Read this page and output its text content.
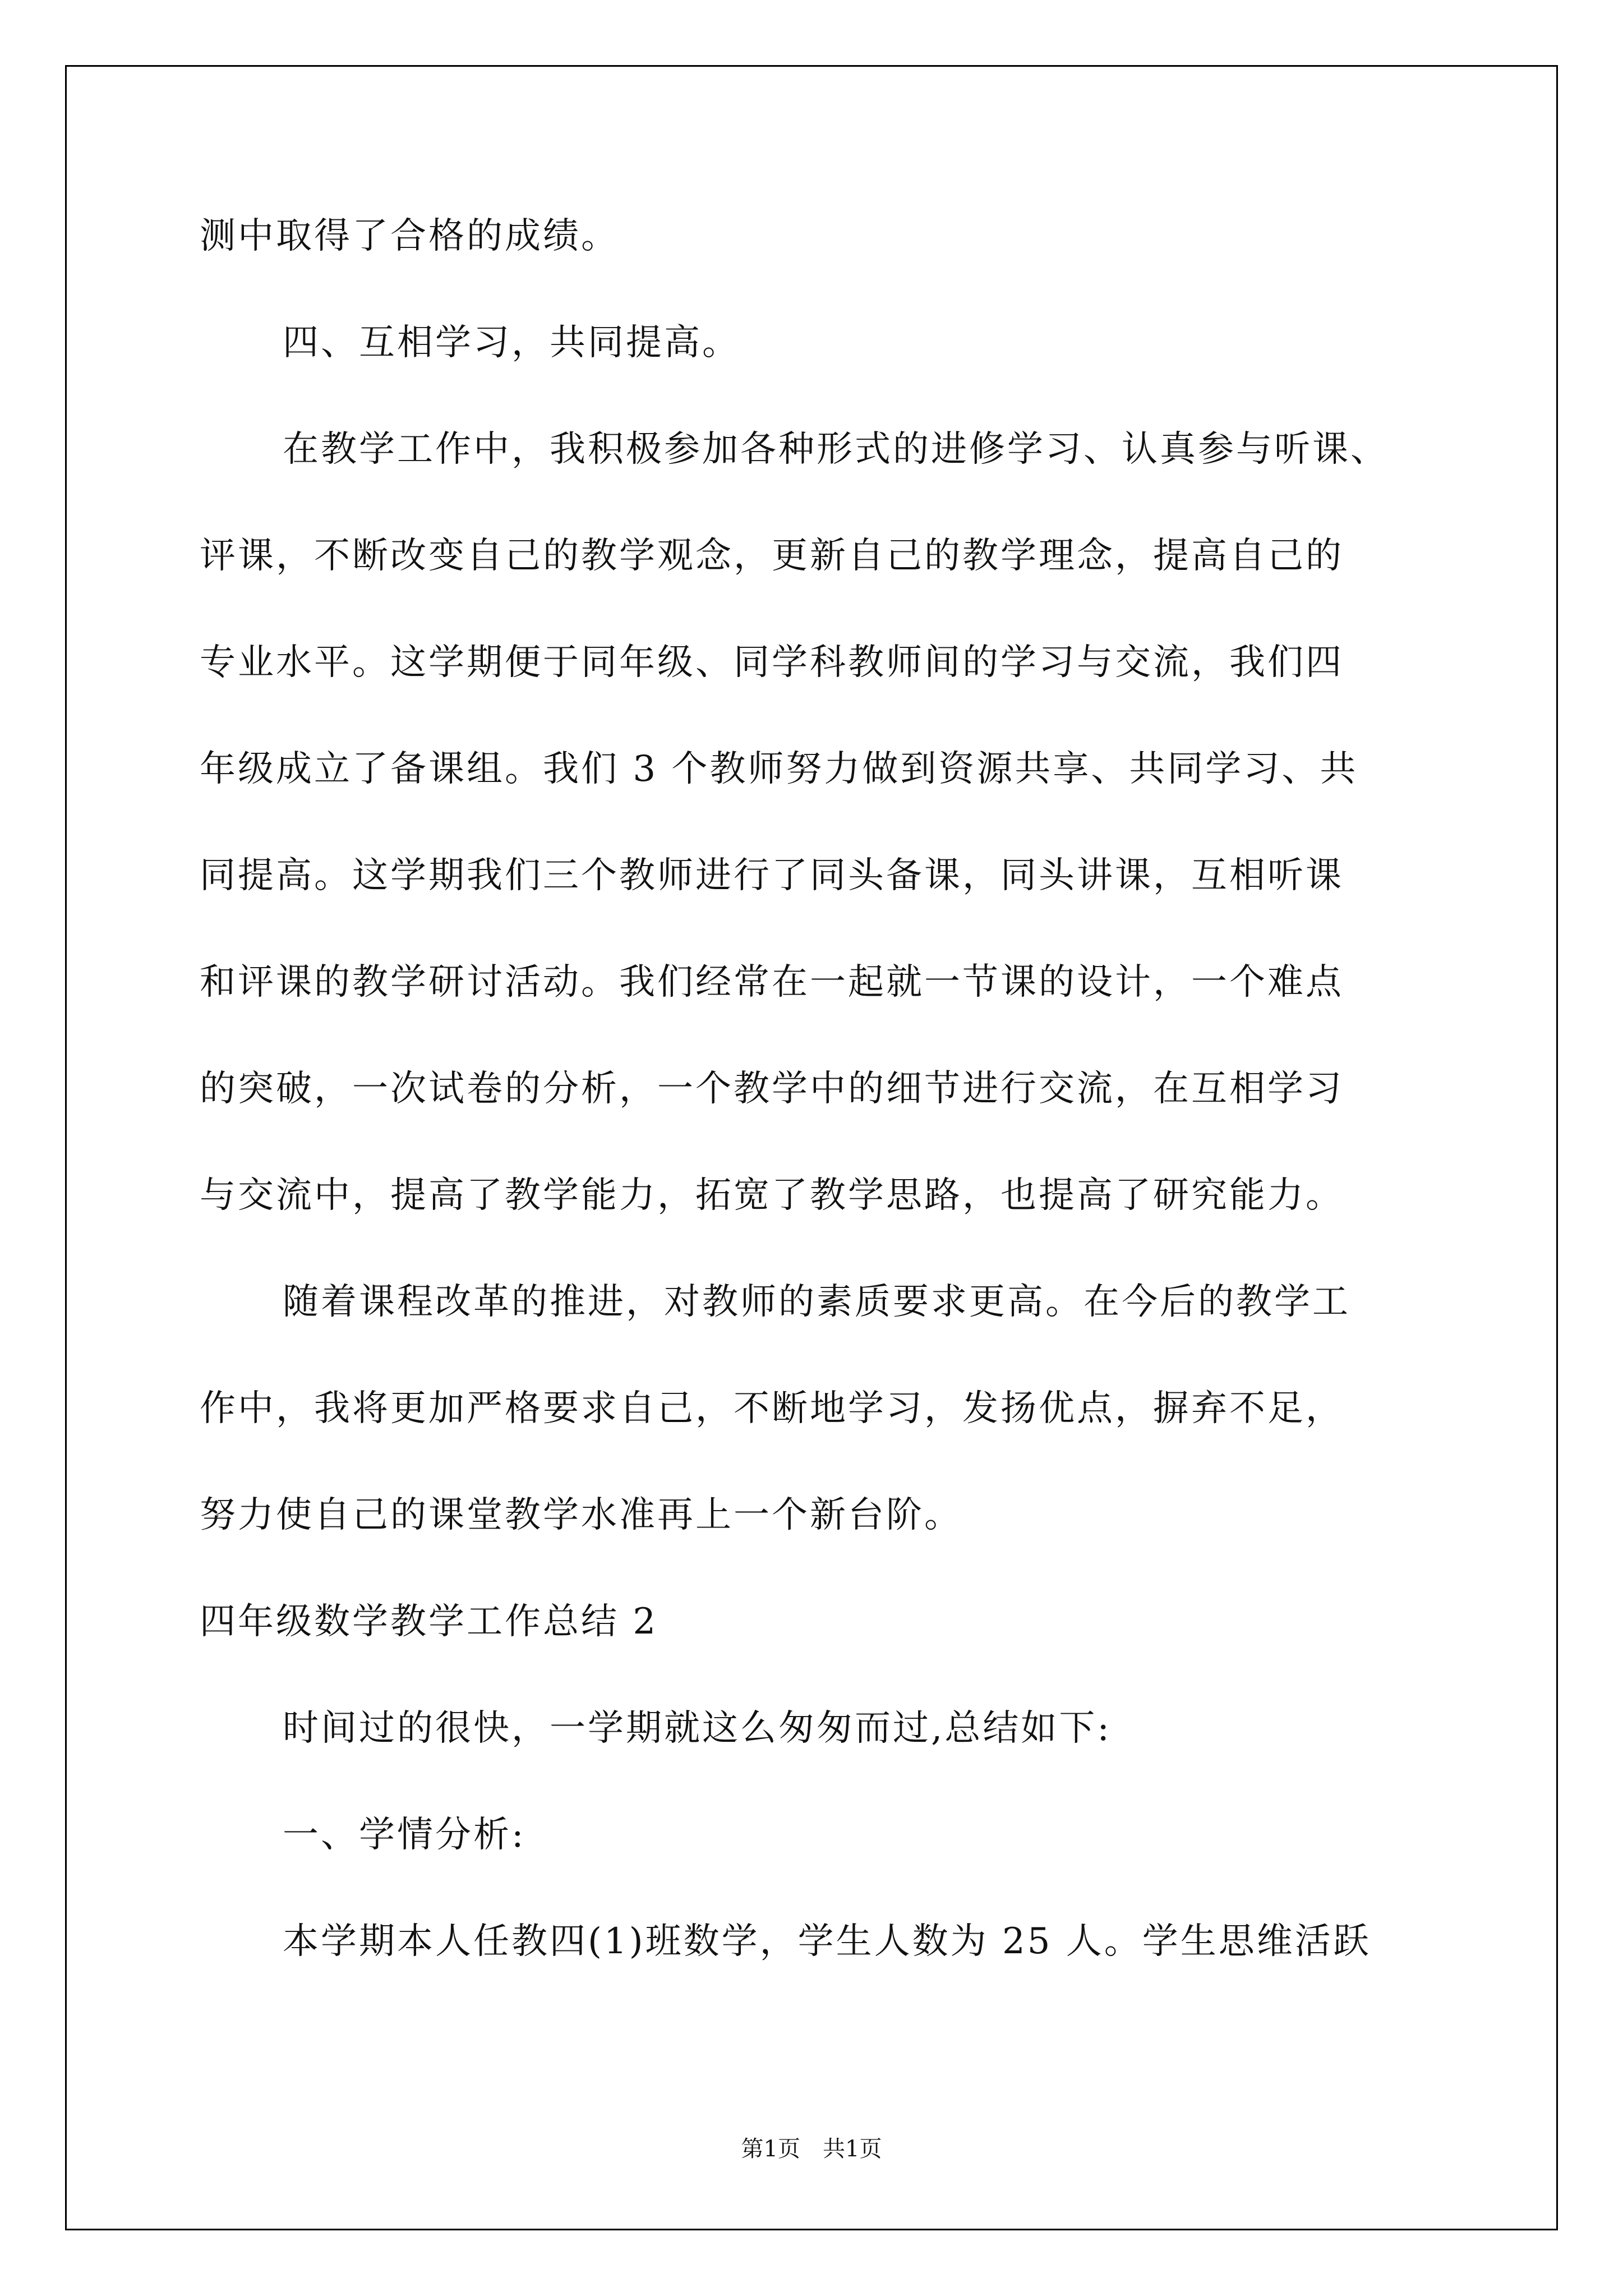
测中取得了合格的成绩。
四、互相学习，共同提高。
在教学工作中，我积极参加各种形式的进修学习、认真参与听课、
评课，不断改变自己的教学观念，更新自己的教学理念，提高自己的
专业水平。这学期便于同年级、同学科教师间的学习与交流，我们四
年级成立了备课组。我们 3 个教师努力做到资源共享、共同学习、共
同提高。这学期我们三个教师进行了同头备课，同头讲课，互相听课
和评课的教学研讨活动。我们经常在一起就一节课的设计，一个难点
的突破，一次试卷的分析，一个教学中的细节进行交流，在互相学习
与交流中，提高了教学能力，拓宽了教学思路，也提高了研究能力。
随着课程改革的推进，对教师的素质要求更高。在今后的教学工
作中，我将更加严格要求自己，不断地学习，发扬优点，摒弃不足，
努力使自己的课堂教学水准再上一个新台阶。
四年级数学教学工作总结 2
时间过的很快，一学期就这么匆匆而过,总结如下:
一、学情分析:
本学期本人任教四(1)班数学，学生人数为 25 人。学生思维活跃
第1页 共1页
